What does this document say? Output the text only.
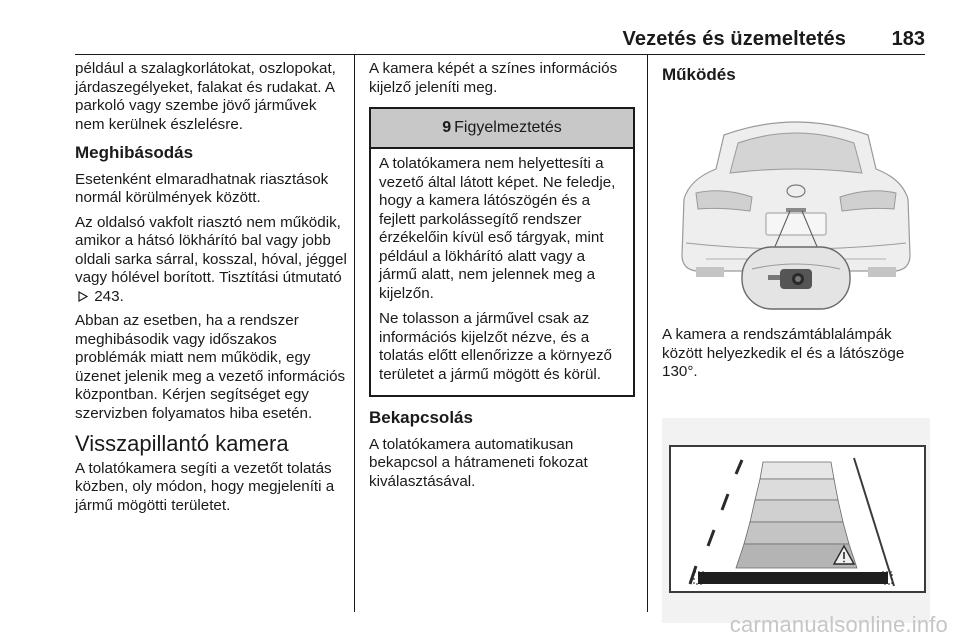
Vezetés és üzemeltetés 183

például a szalagkorlátokat, oszlopokat, járdaszegélyeket, falakat és rudakat. A parkoló vagy szembe jövő járművek nem kerülnek észlelésre.

Meghibásodás

Esetenként elmaradhatnak riasztások normál körülmények között.

Az oldalsó vakfolt riasztó nem működik, amikor a hátsó lökhárító bal vagy jobb oldali sarka sárral, kosszal, hóval, jéggel vagy hólével borított. Tisztítási útmutató  243.

Abban az esetben, ha a rendszer meghibásodik vagy időszakos problémák miatt nem működik, egy üzenet jelenik meg a vezető információs központban. Kérjen segítséget egy szervizben folyamatos hiba esetén.

Visszapillantó kamera

A tolatókamera segíti a vezetőt tolatás közben, oly módon, hogy megjeleníti a jármű mögötti területet.

A kamera képét a színes információs kijelző jeleníti meg.

9 Figyelmeztetés

A tolatókamera nem helyettesíti a vezető által látott képet. Ne feledje, hogy a kamera látószögén és a fejlett parkolássegítő rendszer érzékelőin kívül eső tárgyak, mint például a lökhárító alatt vagy a jármű alatt, nem jelennek meg a kijelzőn.

Ne tolasson a járművel csak az információs kijelzőt nézve, és a tolatás előtt ellenőrizze a környező területet a jármű mögött és körül.

Bekapcsolás

A tolatókamera automatikusan bekapcsol a hátrameneti fokozat kiválasztásával.

Működés

A kamera a rendszámtáblalámpák között helyezkedik el és a látószöge 130°.

carmanualsonline.info
